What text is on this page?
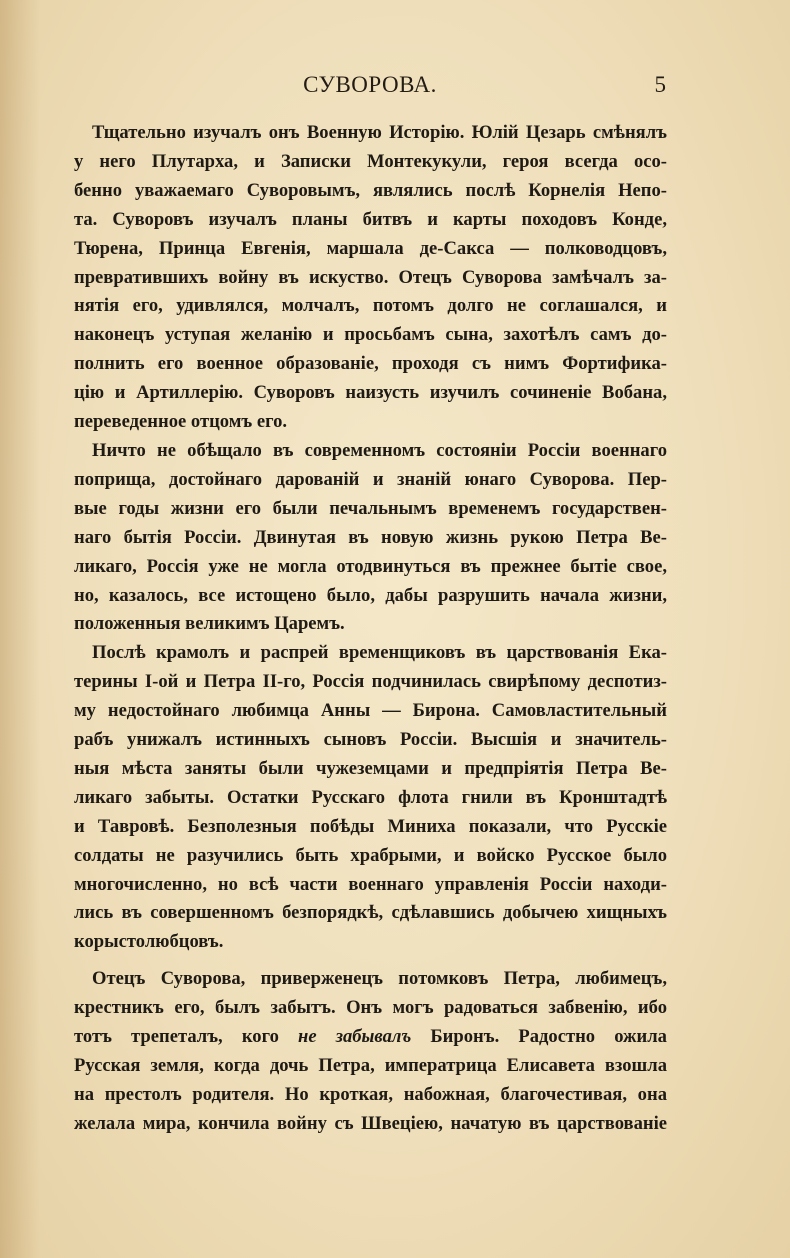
СУВОРОВА.	5

Тщательно изучалъ онъ Военную Исторію. Юлій Цезарь смѣнялъ

у него Плутарха, и Записки Монтекукули, героя всегда осо-

бенно уважаемаго Суворовымъ, являлись послѣ Корнелія Непо-

та. Суворовъ изучалъ планы битвъ и карты походовъ Конде,

Тюрена, Принца Евгенія, маршала де-Сакса — полководцовъ,

превратившихъ войну въ искуство. Отецъ Суворова замѣчалъ за-

нятія его, удивлялся, молчалъ, потомъ долго не соглашался, и

наконецъ уступая желанію и просьбамъ сына, захотѣлъ самъ до-

полнить его военное образованіе, проходя съ нимъ Фортифика-

цію и Артиллерію. Суворовъ наизусть изучилъ сочиненіе Вобана,

переведенное отцомъ его.

Ничто не обѣщало въ современномъ состояніи Россіи военнаго

поприща, достойнаго дарованій и знаній юнаго Суворова. Пер-

вые годы жизни его были печальнымъ временемъ государствен-

наго бытія Россіи. Двинутая въ новую жизнь рукою Петра Ве-

ликаго, Россія уже не могла отодвинуться въ прежнее бытіе свое,

но, казалось, все истощено было, дабы разрушить начала жизни,

положенныя великимъ Царемъ.

Послѣ крамолъ и распрей временщиковъ въ царствованія Ека-

терины I-ой и Петра II-го, Россія подчинилась свирѣпому деспотиз-

му недостойнаго любимца Анны — Бирона. Самовластительный

рабъ унижалъ истинныхъ сыновъ Россіи. Высшія и значитель-

ныя мѣста заняты были чужеземцами и предпріятія Петра Ве-

ликаго забыты. Остатки Русскаго флота гнили въ Кронштадтѣ

и Тавровѣ. Безполезныя побѣды Миниха показали, что Русскіе

солдаты не разучились быть храбрыми, и войско Русское было

многочисленно, но всѣ части военнаго управленія Россіи находи-

лись въ совершенномъ безпорядкѣ, сдѣлавшись добычею хищныхъ

корыстолюбцовъ.

Отецъ Суворова, приверженецъ потомковъ Петра, любимецъ,

крестникъ его, былъ забытъ. Онъ могъ радоваться забвенію, ибо

тотъ трепеталъ, кого не забывалъ Биронъ. Радостно ожила

Русская земля, когда дочь Петра, императрица Елисавета взошла

на престолъ родителя. Но кроткая, набожная, благочестивая, она

желала мира, кончила войну съ Швеціею, начатую въ царствованіе
